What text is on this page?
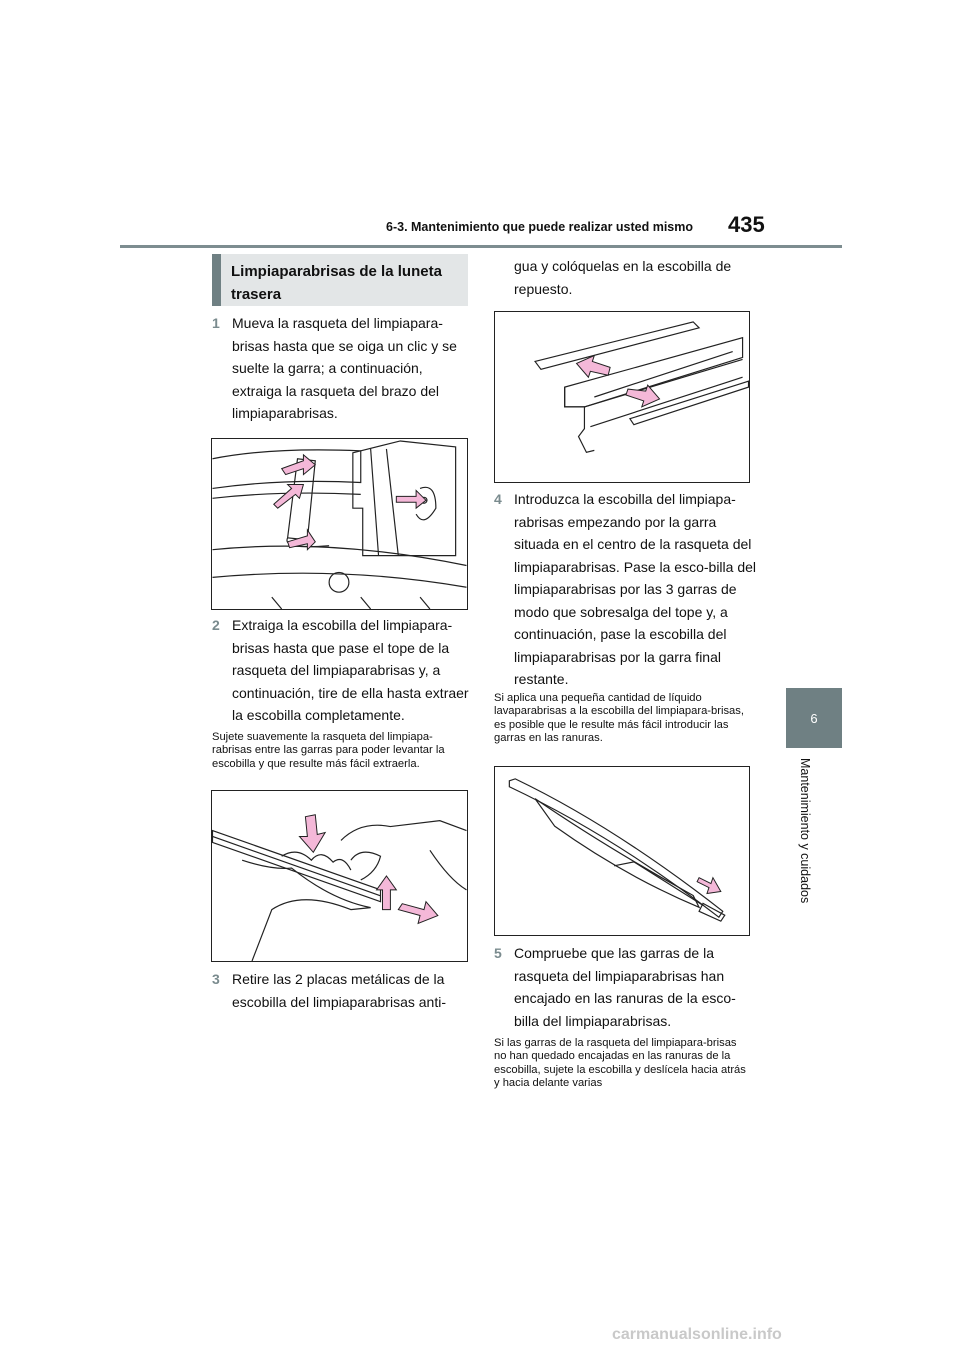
6-3. Mantenimiento que puede realizar usted mismo 435
6
Mantenimiento y cuidados
Limpiaparabrisas de la luneta trasera
1 Mueva la rasqueta del limpiapara-brisas hasta que se oiga un clic y se suelte la garra; a continuación, extraiga la rasqueta del brazo del limpiaparabrisas.
2 Extraiga la escobilla del limpiapara-brisas hasta que pase el tope de la rasqueta del limpiaparabrisas y, a continuación, tire de ella hasta extraer la escobilla completamente.
Sujete suavemente la rasqueta del limpiapa-rabrisas entre las garras para poder levantar la escobilla y que resulte más fácil extraerla.
3 Retire las 2 placas metálicas de la escobilla del limpiaparabrisas anti-
gua y colóquelas en la escobilla de repuesto.
4 Introduzca la escobilla del limpiapa-rabrisas empezando por la garra situada en el centro de la rasqueta del limpiaparabrisas. Pase la esco-billa del limpiaparabrisas por las 3 garras de modo que sobresalga del tope y, a continuación, pase la escobilla del limpiaparabrisas por la garra final restante.
Si aplica una pequeña cantidad de líquido lavaparabrisas a la escobilla del limpiapara-brisas, es posible que le resulte más fácil introducir las garras en las ranuras.
5 Compruebe que las garras de la rasqueta del limpiaparabrisas han encajado en las ranuras de la esco-billa del limpiaparabrisas.
Si las garras de la rasqueta del limpiapara-brisas no han quedado encajadas en las ranuras de la escobilla, sujete la escobilla y deslícela hacia atrás y hacia delante varias
carmanualsonline.info
